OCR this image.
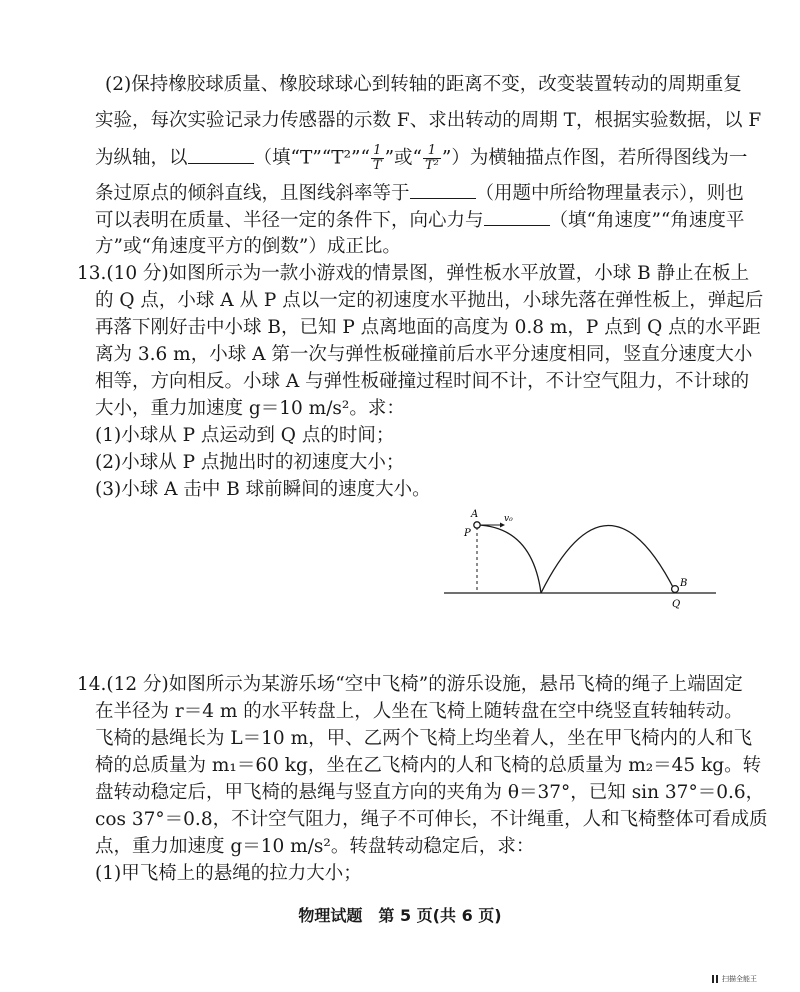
(2)保持橡胶球质量、橡胶球球心到转轴的距离不变，改变装置转动的周期重复
实验，每次实验记录力传感器的示数 F、求出转动的周期 T，根据实验数据，以 F
为纵轴，以	（填“T”“T²”“ $\frac{1}{T}$ ”或“ $\frac{1}{\text{T²}}$ ”）为横轴描点作图，若所得图线为一
条过原点的倾斜直线，且图线斜率等于	（用题中所给物理量表示），则也
可以表明在质量、半径一定的条件下，向心力与	（填“角速度”“角速度平
方”或“角速度平方的倒数”）成正比。
13.(10 分)如图所示为一款小游戏的情景图，弹性板水平放置，小球 B 静止在板上
的 Q 点，小球 A 从 P 点以一定的初速度水平抛出，小球先落在弹性板上，弹起后
再落下刚好击中小球 B，已知 P 点离地面的高度为 0.8 m，P 点到 Q 点的水平距
离为 3.6 m，小球 A 第一次与弹性板碰撞前后水平分速度相同，竖直分速度大小
相等，方向相反。小球 A 与弹性板碰撞过程时间不计，不计空气阻力，不计球的
大小，重力加速度 g＝10 m/s²。求：
(1)小球从 P 点运动到 Q 点的时间；
(2)小球从 P 点抛出时的初速度大小；
(3)小球 A 击中 B 球前瞬间的速度大小。
A
P
v₀
B
Q
14.(12 分)如图所示为某游乐场“空中飞椅”的游乐设施，悬吊飞椅的绳子上端固定
在半径为 r＝4 m 的水平转盘上，人坐在飞椅上随转盘在空中绕竖直转轴转动。
飞椅的悬绳长为 L＝10 m，甲、乙两个飞椅上均坐着人，坐在甲飞椅内的人和飞
椅的总质量为 m₁＝60 kg，坐在乙飞椅内的人和飞椅的总质量为 m₂＝45 kg。转
盘转动稳定后，甲飞椅的悬绳与竖直方向的夹角为 θ＝37°，已知 sin 37°＝0.6，
cos 37°＝0.8，不计空气阻力，绳子不可伸长，不计绳重，人和飞椅整体可看成质
点，重力加速度 g＝10 m/s²。转盘转动稳定后，求：
(1)甲飞椅上的悬绳的拉力大小；
物理试题　第 5 页(共 6 页)
扫描全能王
